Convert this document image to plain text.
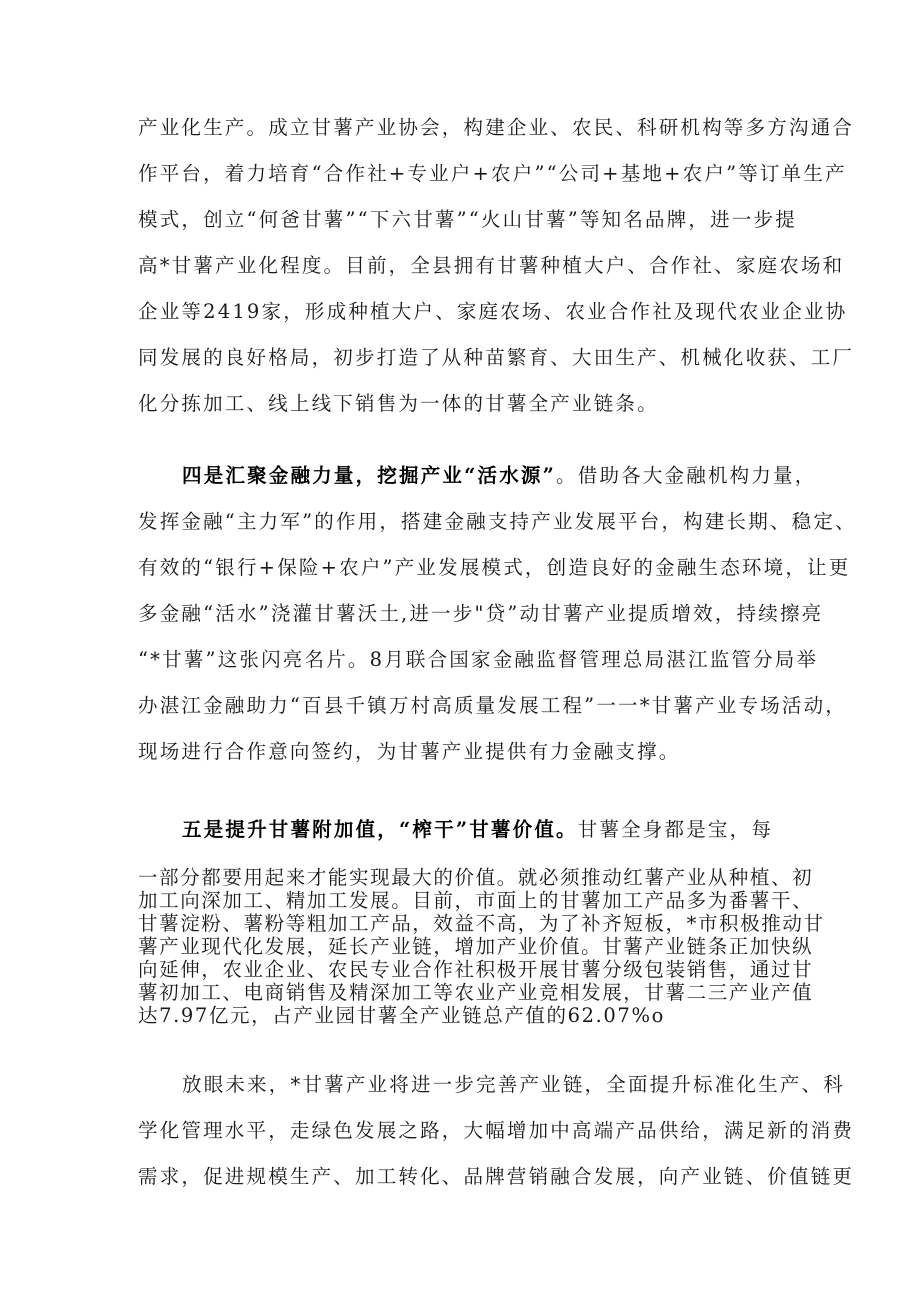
产业化生产。成立甘薯产业协会，构建企业、农民、科研机构等多方沟通合
作平台，着力培育“合作社+专业户+农户”“公司+基地+农户”等订单生产
模式，创立“何爸甘薯”“下六甘薯”“火山甘薯”等知名品牌，进一步提
高*甘薯产业化程度。目前，全县拥有甘薯种植大户、合作社、家庭农场和
企业等2419家，形成种植大户、家庭农场、农业合作社及现代农业企业协
同发展的良好格局，初步打造了从种苗繁育、大田生产、机械化收获、工厂
化分拣加工、线上线下销售为一体的甘薯全产业链条。
四是汇聚金融力量，挖掘产业“活水源”。借助各大金融机构力量，
发挥金融“主力军”的作用，搭建金融支持产业发展平台，构建长期、稳定、
有效的“银行+保险+农户”产业发展模式，创造良好的金融生态环境，让更
多金融“活水”浇灌甘薯沃土,进一步"贷”动甘薯产业提质增效，持续擦亮
“*甘薯”这张闪亮名片。8月联合国家金融监督管理总局湛江监管分局举
办湛江金融助力“百县千镇万村高质量发展工程”一一*甘薯产业专场活动，
现场进行合作意向签约，为甘薯产业提供有力金融支撑。
五是提升甘薯附加值，“榨干”甘薯价值。甘薯全身都是宝，每
一部分都要用起来才能实现最大的价值。就必须推动红薯产业从种植、初
加工向深加工、精加工发展。目前，市面上的甘薯加工产品多为番薯干、
甘薯淀粉、薯粉等粗加工产品，效益不高，为了补齐短板，*市积极推动甘
薯产业现代化发展，延长产业链，增加产业价值。甘薯产业链条正加快纵
向延伸，农业企业、农民专业合作社积极开展甘薯分级包装销售，通过甘
薯初加工、电商销售及精深加工等农业产业竞相发展，甘薯二三产业产值
达7.97亿元，占产业园甘薯全产业链总产值的62.07%o
放眼未来，*甘薯产业将进一步完善产业链，全面提升标准化生产、科
学化管理水平，走绿色发展之路，大幅增加中高端产品供给，满足新的消费
需求，促进规模生产、加工转化、品牌营销融合发展，向产业链、价值链更
